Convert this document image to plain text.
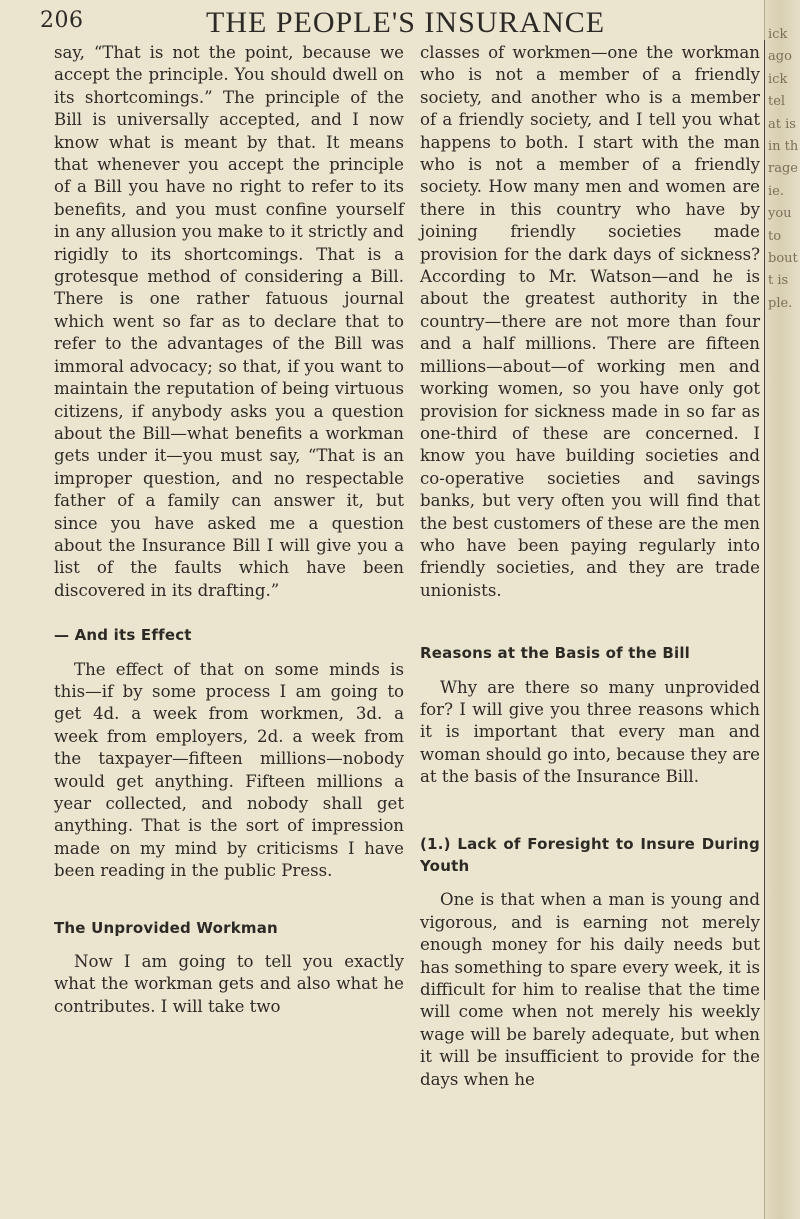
206	THE PEOPLE'S INSURANCE

say, “That is not the point, because we accept the principle. You should dwell on its shortcomings.” The principle of the Bill is universally accepted, and I now know what is meant by that. It means that whenever you accept the principle of a Bill you have no right to refer to its benefits, and you must confine yourself in any allusion you make to it strictly and rigidly to its shortcomings. That is a grotesque method of considering a Bill. There is one rather fatuous journal which went so far as to declare that to refer to the advantages of the Bill was immoral advocacy; so that, if you want to maintain the reputation of being virtuous citizens, if anybody asks you a question about the Bill—what benefits a workman gets under it—you must say, “That is an improper question, and no respectable father of a family can answer it, but since you have asked me a question about the Insurance Bill I will give you a list of the faults which have been discovered in its drafting.”

— And its Effect

The effect of that on some minds is this—if by some process I am going to get 4d. a week from workmen, 3d. a week from employers, 2d. a week from the taxpayer—fifteen millions—nobody would get anything. Fifteen millions a year collected, and nobody shall get anything. That is the sort of impression made on my mind by criticisms I have been reading in the public Press.

The Unprovided Workman

Now I am going to tell you exactly what the workman gets and also what he contributes. I will take two

classes of workmen—one the workman who is not a member of a friendly society, and another who is a member of a friendly society, and I tell you what happens to both. I start with the man who is not a member of a friendly society. How many men and women are there in this country who have by joining friendly societies made provision for the dark days of sickness? According to Mr. Watson—and he is about the greatest authority in the country—there are not more than four and a half millions. There are fifteen millions—about—of working men and working women, so you have only got provision for sickness made in so far as one-third of these are concerned. I know you have building societies and co-operative societies and savings banks, but very often you will find that the best customers of these are the men who have been paying regularly into friendly societies, and they are trade unionists.

Reasons at the Basis of the Bill

Why are there so many unprovided for? I will give you three reasons which it is important that every man and woman should go into, because they are at the basis of the Insurance Bill.

(1.) Lack of Foresight to Insure During Youth

One is that when a man is young and vigorous, and is earning not merely enough money for his daily needs but has something to spare every week, it is difficult for him to realise that the time will come when not merely his weekly wage will be barely adequate, but when it will be insufficient to provide for the days when he

ick
ago
ick
tel
at is
in th
rage
ie.
you
to
bout
t is
ple.
